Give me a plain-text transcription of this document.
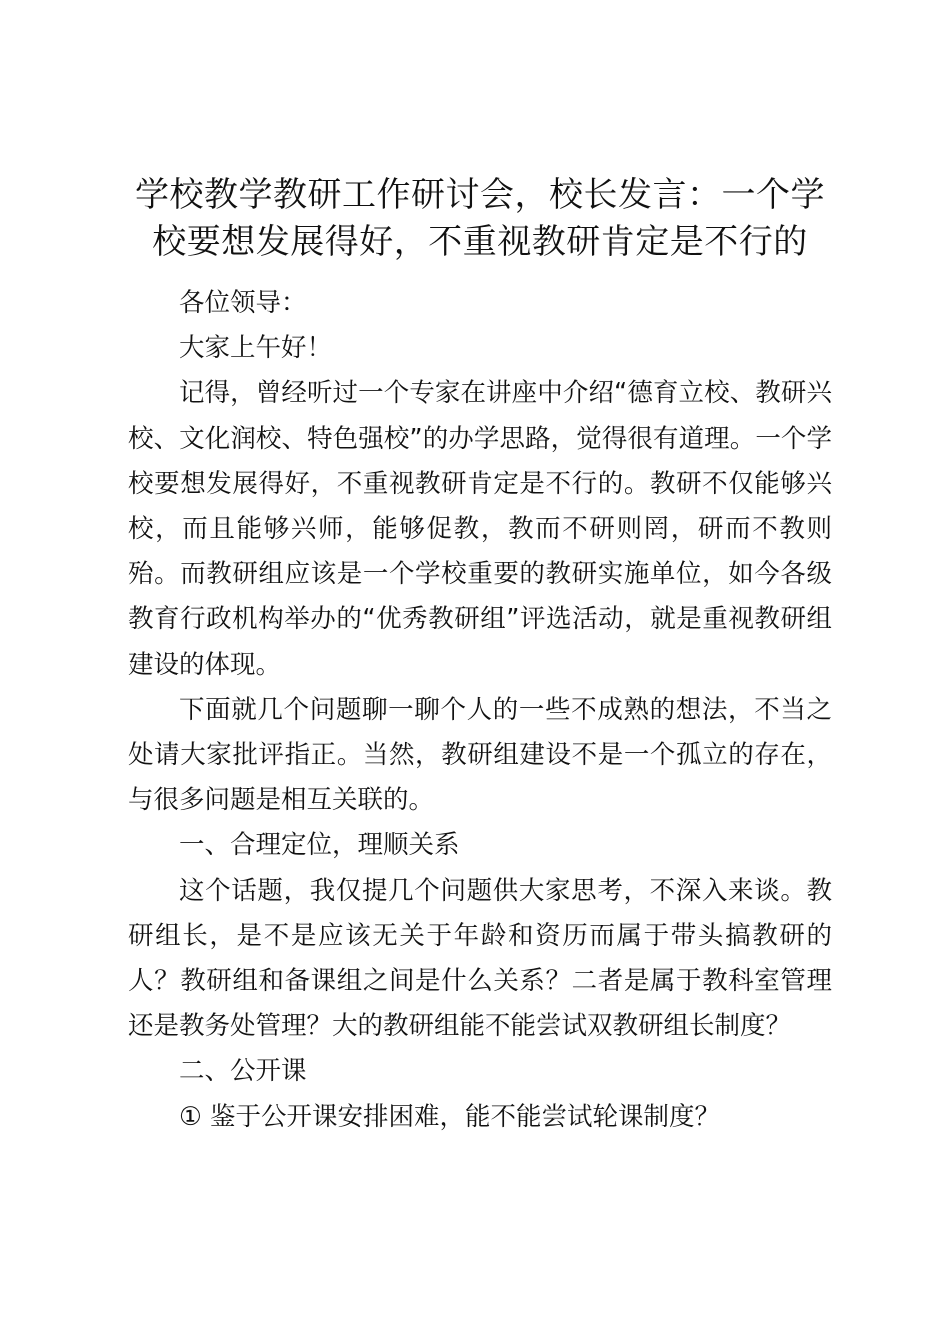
学校教学教研工作研讨会，校长发言：一个学校要想发展得好，不重视教研肯定是不行的

各位领导：

大家上午好！

记得，曾经听过一个专家在讲座中介绍“德育立校、教研兴校、文化润校、特色强校”的办学思路，觉得很有道理。一个学校要想发展得好，不重视教研肯定是不行的。教研不仅能够兴校，而且能够兴师，能够促教，教而不研则罔，研而不教则殆。而教研组应该是一个学校重要的教研实施单位，如今各级教育行政机构举办的“优秀教研组”评选活动，就是重视教研组建设的体现。

下面就几个问题聊一聊个人的一些不成熟的想法，不当之处请大家批评指正。当然，教研组建设不是一个孤立的存在，与很多问题是相互关联的。

一、合理定位，理顺关系

这个话题，我仅提几个问题供大家思考，不深入来谈。教研组长，是不是应该无关于年龄和资历而属于带头搞教研的人？教研组和备课组之间是什么关系？二者是属于教科室管理还是教务处管理？大的教研组能不能尝试双教研组长制度？

二、公开课

① 鉴于公开课安排困难，能不能尝试轮课制度？
